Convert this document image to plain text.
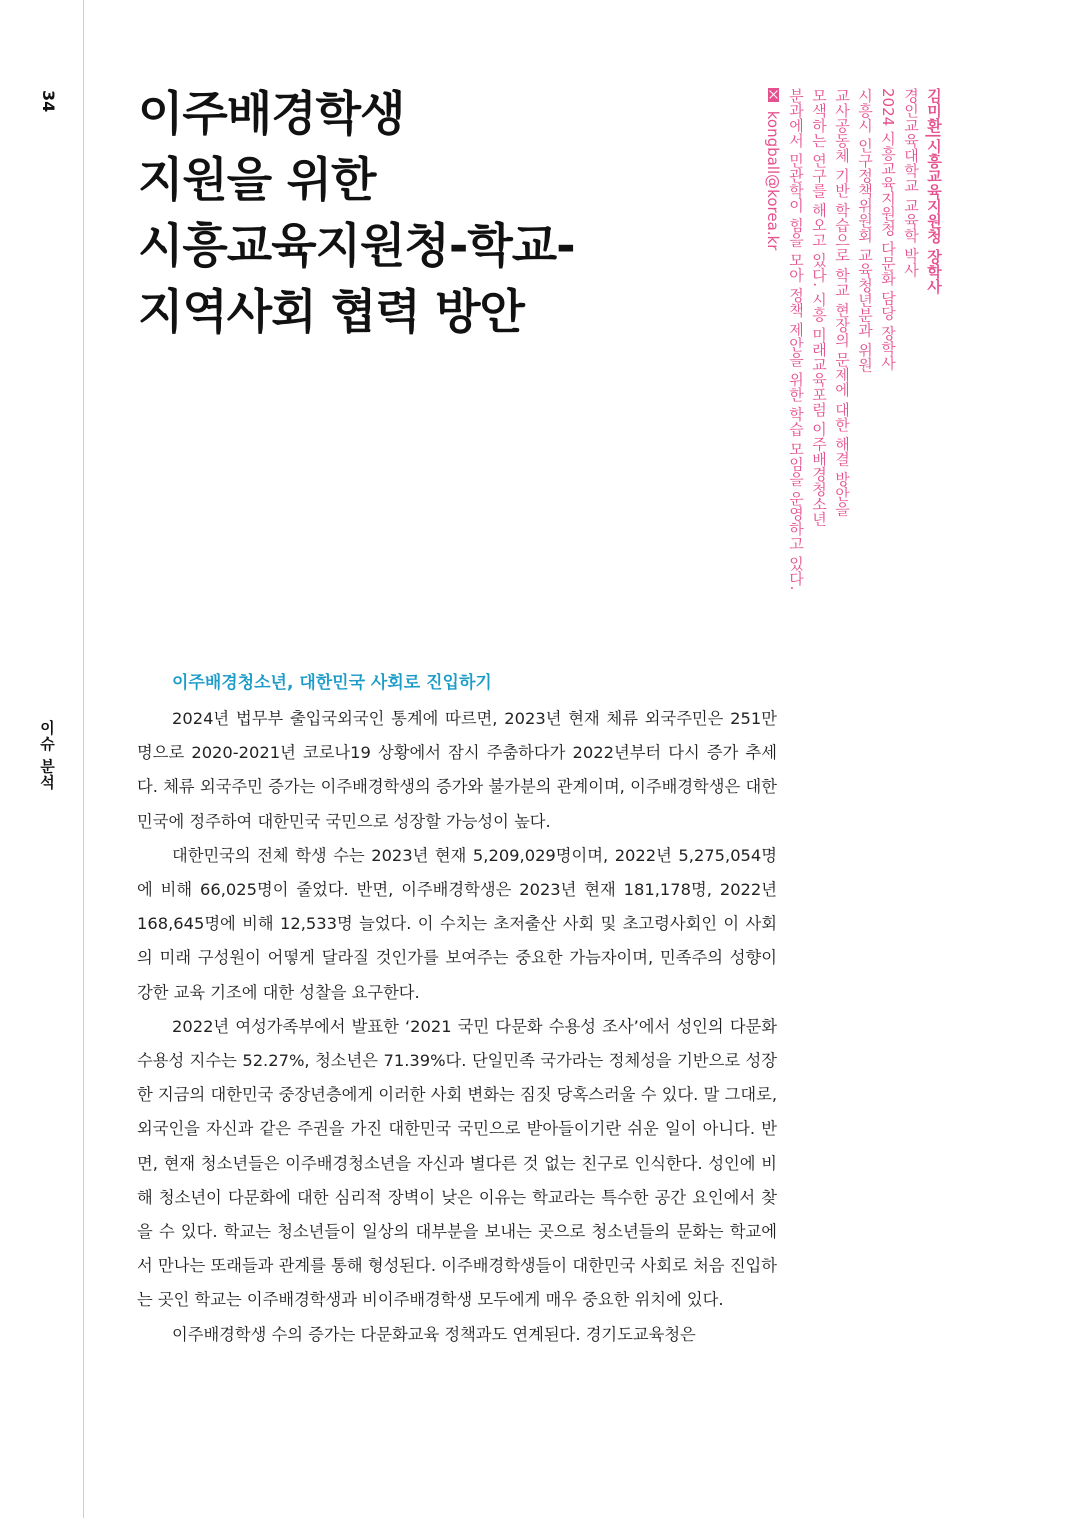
34
이슈 분석
이주배경학생
지원을 위한
시흥교육지원청-학교-
지역사회 협력 방안

김미환|시흥교육지원청 장학사

경인교육대학교 교육학 박사

2024 시흥교육지원청 다문화 담당 장학사

시흥시 인구정책위원회 교육청년분과 위원

교사공동체 기반 학습으로 학교 현장의 문제에 대한 해결 방안을

모색하는 연구를 해오고 있다. 시흥 미래교육포럼 이주배경청소년

분과에서 민관학이 힘을 모아 정책 제안을 위한 학습 모임을 운영하고 있다.

kongball@korea.kr

이주배경청소년, 대한민국 사회로 진입하기

2024년 법무부 출입국외국인 통계에 따르면, 2023년 현재 체류 외국주민은 251만 명으로 2020-2021년 코로나19 상황에서 잠시 주춤하다가 2022년부터 다시 증가 추세다. 체류 외국주민 증가는 이주배경학생의 증가와 불가분의 관계이며, 이주배경학생은 대한민국에 정주하여 대한민국 국민으로 성장할 가능성이 높다.

대한민국의 전체 학생 수는 2023년 현재 5,209,029명이며, 2022년 5,275,054명에 비해 66,025명이 줄었다. 반면, 이주배경학생은 2023년 현재 181,178명, 2022년 168,645명에 비해 12,533명 늘었다. 이 수치는 초저출산 사회 및 초고령사회인 이 사회의 미래 구성원이 어떻게 달라질 것인가를 보여주는 중요한 가늠자이며, 민족주의 성향이 강한 교육 기조에 대한 성찰을 요구한다.

2022년 여성가족부에서 발표한 ‘2021 국민 다문화 수용성 조사’에서 성인의 다문화 수용성 지수는 52.27%, 청소년은 71.39%다. 단일민족 국가라는 정체성을 기반으로 성장한 지금의 대한민국 중장년층에게 이러한 사회 변화는 짐짓 당혹스러울 수 있다. 말 그대로, 외국인을 자신과 같은 주권을 가진 대한민국 국민으로 받아들이기란 쉬운 일이 아니다. 반면, 현재 청소년들은 이주배경청소년을 자신과 별다른 것 없는 친구로 인식한다. 성인에 비해 청소년이 다문화에 대한 심리적 장벽이 낮은 이유는 학교라는 특수한 공간 요인에서 찾을 수 있다. 학교는 청소년들이 일상의 대부분을 보내는 곳으로 청소년들의 문화는 학교에서 만나는 또래들과 관계를 통해 형성된다. 이주배경학생들이 대한민국 사회로 처음 진입하는 곳인 학교는 이주배경학생과 비이주배경학생 모두에게 매우 중요한 위치에 있다.

이주배경학생 수의 증가는 다문화교육 정책과도 연계된다. 경기도교육청은
